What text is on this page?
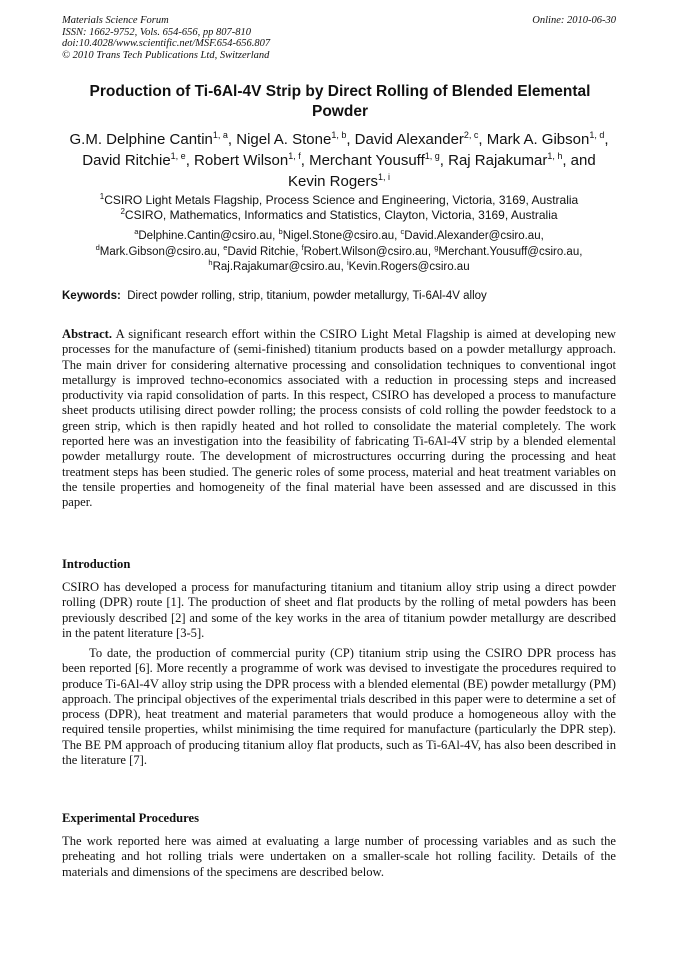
Materials Science Forum
ISSN: 1662-9752, Vols. 654-656, pp 807-810
doi:10.4028/www.scientific.net/MSF.654-656.807
© 2010 Trans Tech Publications Ltd, Switzerland
Online: 2010-06-30
Production of Ti-6Al-4V Strip by Direct Rolling of Blended Elemental Powder
G.M. Delphine Cantin$^{1, a}$, Nigel A. Stone$^{1, b}$, David Alexander$^{2, c}$, Mark A. Gibson$^{1, d}$, David Ritchie$^{1, e}$, Robert Wilson$^{1, f}$, Merchant Yousuff$^{1, g}$, Raj Rajakumar$^{1, h}$, and Kevin Rogers$^{1, i}$
$^1$CSIRO Light Metals Flagship, Process Science and Engineering, Victoria, 3169, Australia
$^2$CSIRO, Mathematics, Informatics and Statistics, Clayton, Victoria, 3169, Australia
$^a$Delphine.Cantin@csiro.au, $^b$Nigel.Stone@csiro.au, $^c$David.Alexander@csiro.au,
$^d$Mark.Gibson@csiro.au, $^e$David Ritchie, $^f$Robert.Wilson@csiro.au, $^g$Merchant.Yousuff@csiro.au,
$^h$Raj.Rajakumar@csiro.au, $^i$Kevin.Rogers@csiro.au
Keywords: Direct powder rolling, strip, titanium, powder metallurgy, Ti-6Al-4V alloy
Abstract. A significant research effort within the CSIRO Light Metal Flagship is aimed at developing new processes for the manufacture of (semi-finished) titanium products based on a powder metallurgy approach. The main driver for considering alternative processing and consolidation techniques to conventional ingot metallurgy is improved techno-economics associated with a reduction in processing steps and increased productivity via rapid consolidation of parts. In this respect, CSIRO has developed a process to manufacture sheet products utilising direct powder rolling; the process consists of cold rolling the powder feedstock to a green strip, which is then rapidly heated and hot rolled to consolidate the material completely. The work reported here was an investigation into the feasibility of fabricating Ti-6Al-4V strip by a blended elemental powder metallurgy route. The development of microstructures occurring during the processing and heat treatment steps has been studied. The generic roles of some process, material and heat treatment variables on the tensile properties and homogeneity of the final material have been assessed and are discussed in this paper.
Introduction
CSIRO has developed a process for manufacturing titanium and titanium alloy strip using a direct powder rolling (DPR) route [1]. The production of sheet and flat products by the rolling of metal powders has been previously described [2] and some of the key works in the area of titanium powder metallurgy are described in the patent literature [3-5].
To date, the production of commercial purity (CP) titanium strip using the CSIRO DPR process has been reported [6]. More recently a programme of work was devised to investigate the procedures required to produce Ti-6Al-4V alloy strip using the DPR process with a blended elemental (BE) powder metallurgy (PM) approach. The principal objectives of the experimental trials described in this paper were to determine a set of process (DPR), heat treatment and material parameters that would produce a homogeneous alloy with the required tensile properties, whilst minimising the time required for manufacture (particularly the DPR step). The BE PM approach of producing titanium alloy flat products, such as Ti-6Al-4V, has also been described in the literature [7].
Experimental Procedures
The work reported here was aimed at evaluating a large number of processing variables and as such the preheating and hot rolling trials were undertaken on a smaller-scale hot rolling facility. Details of the materials and dimensions of the specimens are described below.
